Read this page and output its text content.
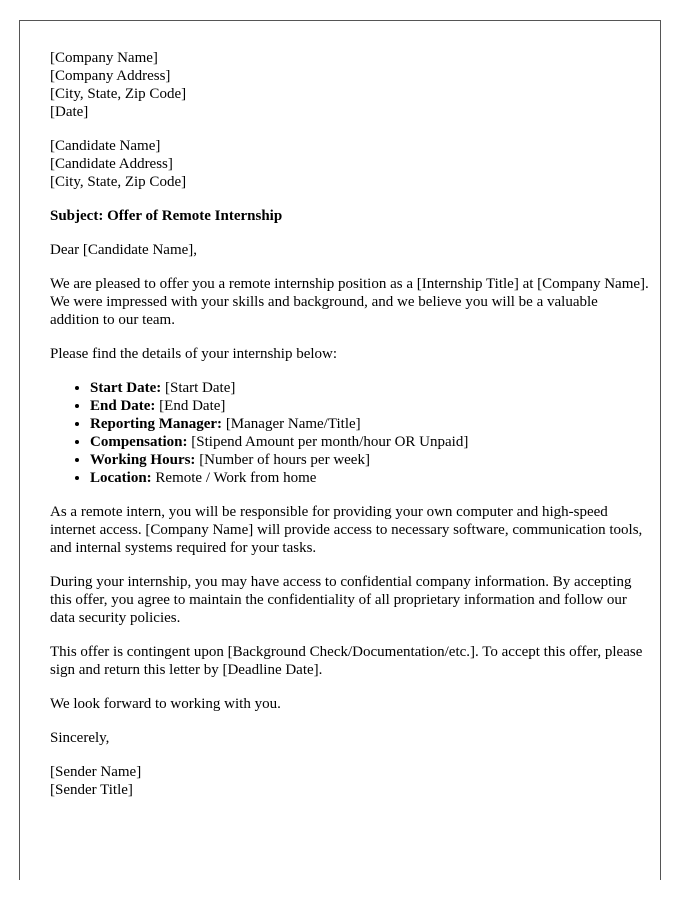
[Company Name]
[Company Address]
[City, State, Zip Code]
[Date]
[Candidate Name]
[Candidate Address]
[City, State, Zip Code]

Subject: Offer of Remote Internship

Dear [Candidate Name],

We are pleased to offer you a remote internship position as a [Internship Title] at [Company Name]. We were impressed with your skills and background, and we believe you will be a valuable addition to our team.

Please find the details of your internship below:

• Start Date: [Start Date]
• End Date: [End Date]
• Reporting Manager: [Manager Name/Title]
• Compensation: [Stipend Amount per month/hour OR Unpaid]
• Working Hours: [Number of hours per week]
• Location: Remote / Work from home

As a remote intern, you will be responsible for providing your own computer and high-speed internet access. [Company Name] will provide access to necessary software, communication tools, and internal systems required for your tasks.

During your internship, you may have access to confidential company information. By accepting this offer, you agree to maintain the confidentiality of all proprietary information and follow our data security policies.

This offer is contingent upon [Background Check/Documentation/etc.]. To accept this offer, please sign and return this letter by [Deadline Date].

We look forward to working with you.

Sincerely,

[Sender Name]
[Sender Title]
